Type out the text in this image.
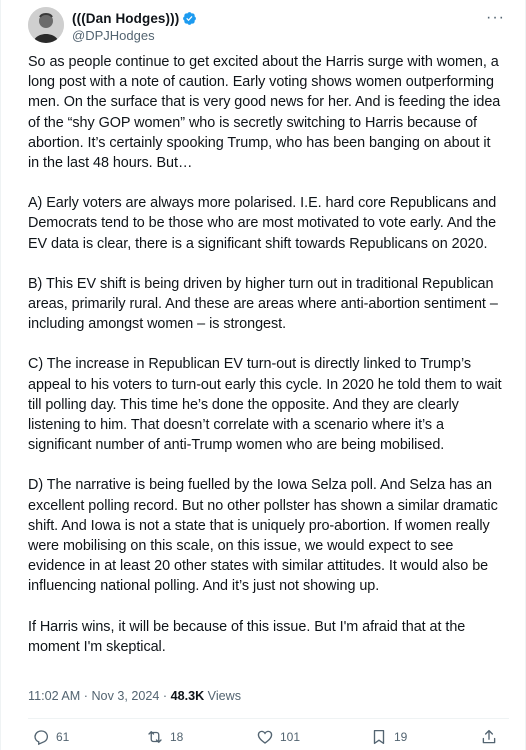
(((Dan Hodges)))
@DPJHodges
···

So as people continue to get excited about the Harris surge with women, a long post with a note of caution. Early voting shows women outperforming men. On the surface that is very good news for her. And is feeding the idea of the “shy GOP women” who is secretly switching to Harris because of abortion. It’s certainly spooking Trump, who has been banging on about it in the last 48 hours. But…

A) Early voters are always more polarised. I.E. hard core Republicans and Democrats tend to be those who are most motivated to vote early. And the EV data is clear, there is a significant shift towards Republicans on 2020.

B) This EV shift is being driven by higher turn out in traditional Republican areas, primarily rural. And these are areas where anti-abortion sentiment – including amongst women – is strongest.

C) The increase in Republican EV turn-out is directly linked to Trump’s appeal to his voters to turn-out early this cycle. In 2020 he told them to wait till polling day. This time he’s done the opposite. And they are clearly listening to him. That doesn’t correlate with a scenario where it’s a significant number of anti-Trump women who are being mobilised.

D) The narrative is being fuelled by the Iowa Selza poll. And Selza has an excellent polling record. But no other pollster has shown a similar dramatic shift. And Iowa is not a state that is uniquely pro-abortion. If women really were mobilising on this scale, on this issue, we would expect to see evidence in at least 20 other states with similar attitudes. It would also be influencing national polling. And it’s just not showing up.

If Harris wins, it will be because of this issue. But I'm afraid that at the moment I'm skeptical.

11:02 AM · Nov 3, 2024 · 48.3K Views
61	18	101	19
